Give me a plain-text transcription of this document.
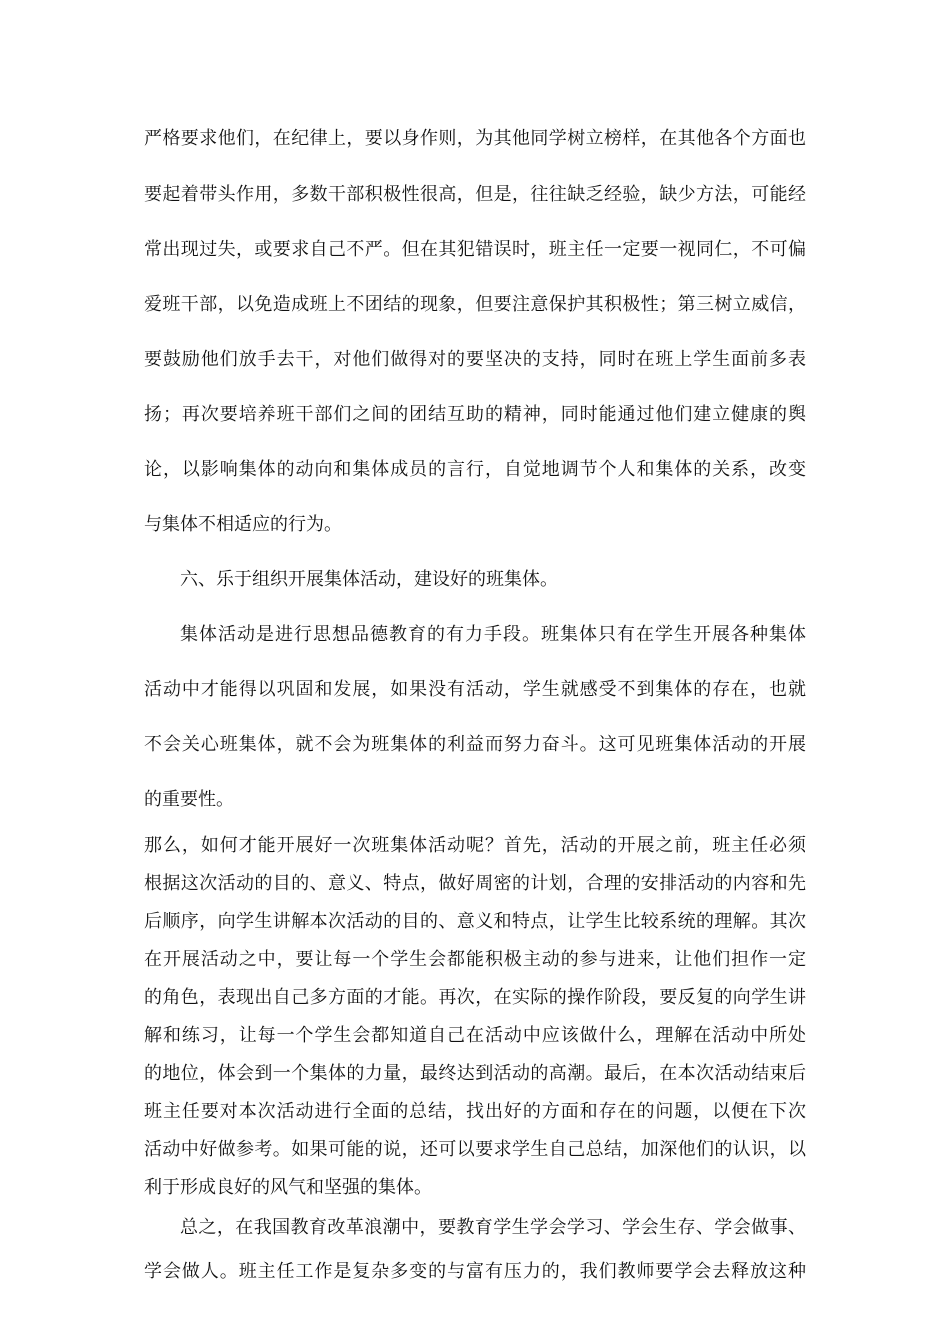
严格要求他们，在纪律上，要以身作则，为其他同学树立榜样，在其他各个方面也
要起着带头作用，多数干部积极性很高，但是，往往缺乏经验，缺少方法，可能经
常出现过失，或要求自己不严。但在其犯错误时，班主任一定要一视同仁，不可偏
爱班干部，以免造成班上不团结的现象，但要注意保护其积极性；第三树立威信，
要鼓励他们放手去干，对他们做得对的要坚决的支持，同时在班上学生面前多表
扬；再次要培养班干部们之间的团结互助的精神，同时能通过他们建立健康的舆
论，以影响集体的动向和集体成员的言行，自觉地调节个人和集体的关系，改变
与集体不相适应的行为。
六、乐于组织开展集体活动，建设好的班集体。
集体活动是进行思想品德教育的有力手段。班集体只有在学生开展各种集体
活动中才能得以巩固和发展，如果没有活动，学生就感受不到集体的存在，也就
不会关心班集体，就不会为班集体的利益而努力奋斗。这可见班集体活动的开展
的重要性。
那么，如何才能开展好一次班集体活动呢？首先，活动的开展之前，班主任必须
根据这次活动的目的、意义、特点，做好周密的计划，合理的安排活动的内容和先
后顺序，向学生讲解本次活动的目的、意义和特点，让学生比较系统的理解。其次
在开展活动之中，要让每一个学生会都能积极主动的参与进来，让他们担作一定
的角色，表现出自己多方面的才能。再次，在实际的操作阶段，要反复的向学生讲
解和练习，让每一个学生会都知道自己在活动中应该做什么，理解在活动中所处
的地位，体会到一个集体的力量，最终达到活动的高潮。最后，在本次活动结束后
班主任要对本次活动进行全面的总结，找出好的方面和存在的问题，以便在下次
活动中好做参考。如果可能的说，还可以要求学生自己总结，加深他们的认识，以
利于形成良好的风气和坚强的集体。
总之，在我国教育改革浪潮中，要教育学生学会学习、学会生存、学会做事、
学会做人。班主任工作是复杂多变的与富有压力的，我们教师要学会去释放这种
